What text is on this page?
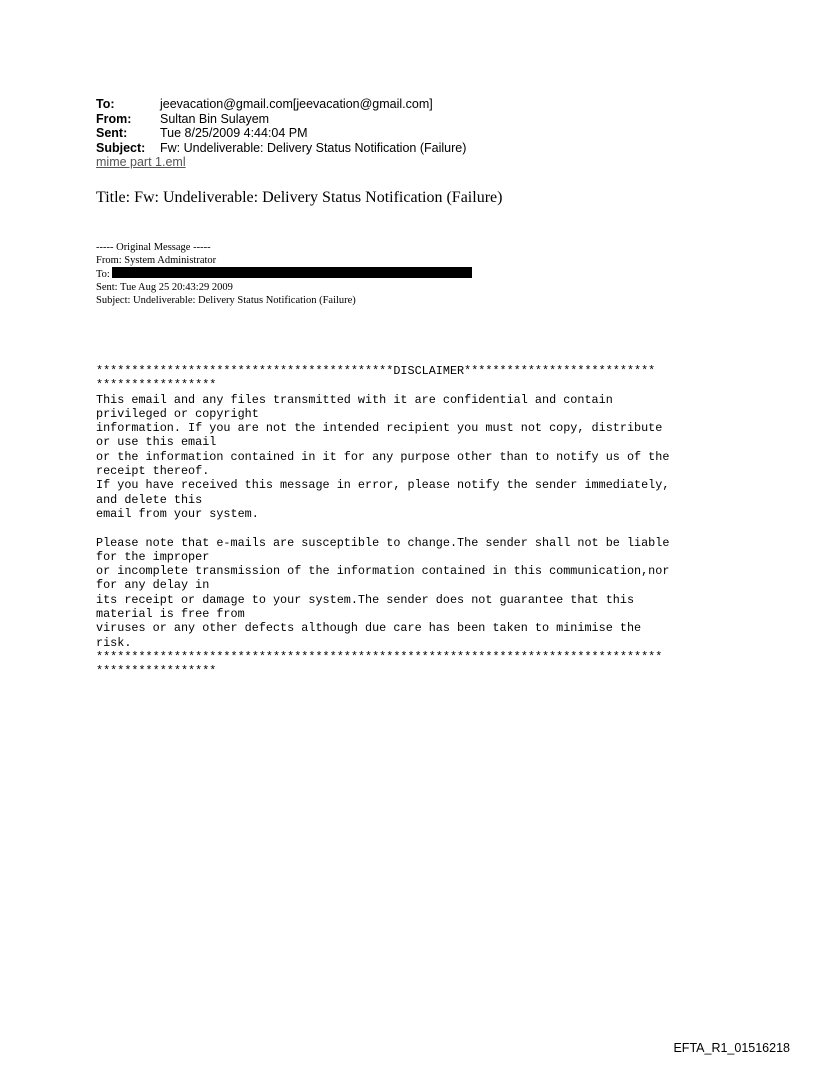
To:	jeevacation@gmail.com[jeevacation@gmail.com]
From:	Sultan Bin Sulayem
Sent:	Tue 8/25/2009 4:44:04 PM
Subject:	Fw: Undeliverable: Delivery Status Notification (Failure)
mime part 1.eml
Title: Fw: Undeliverable: Delivery Status Notification (Failure)
----- Original Message -----
From: System Administrator
To:
Sent: Tue Aug 25 20:43:29 2009
Subject: Undeliverable: Delivery Status Notification (Failure)
******************************************DISCLAIMER***************************
*****************
This email and any files transmitted with it are confidential and contain
privileged or copyright
information. If you are not the intended recipient you must not copy, distribute
or use this email
or the information contained in it for any purpose other than to notify us of the
receipt thereof.
If you have received this message in error, please notify the sender immediately,
and delete this
email from your system.

Please note that e-mails are susceptible to change.The sender shall not be liable
for the improper
or incomplete transmission of the information contained in this communication,nor
for any delay in
its receipt or damage to your system.The sender does not guarantee that this
material is free from
viruses or any other defects although due care has been taken to minimise the
risk.
********************************************************************************
*****************
EFTA_R1_01516218
